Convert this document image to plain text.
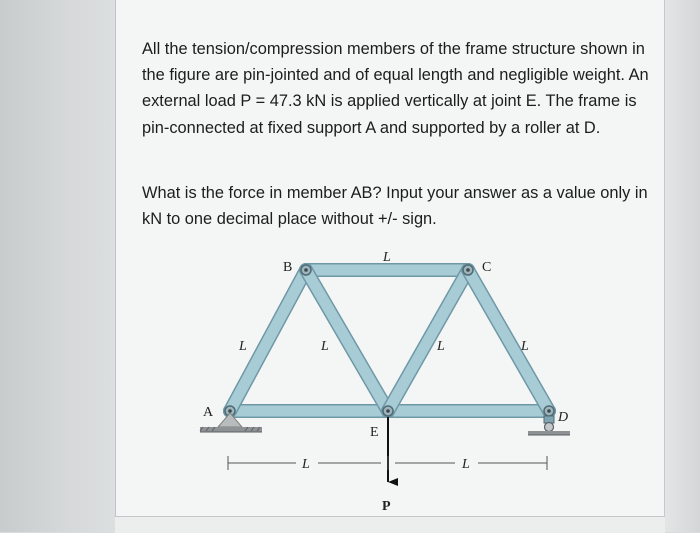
All the tension/compression members of the frame structure shown in the figure are pin-jointed and of equal length and negligible weight. An external load P = 47.3 kN is applied vertically at joint E. The frame is pin-connected at fixed support A and supported by a roller at D.

What is the force in member AB? Input your answer as a value only in kN to one decimal place without +/- sign.

B	C
A	D
E
L
L	L	L	L
L	L
P
